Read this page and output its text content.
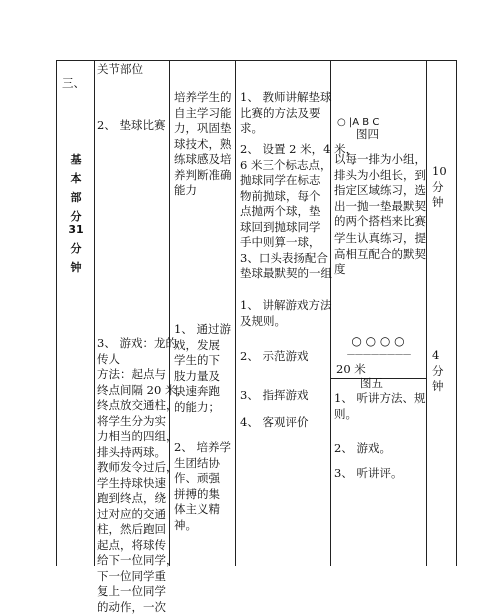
三、
基
本
部
分
31
分
钟
关节部位
2、 垫球比赛
3、 游戏：龙的
传人
方法：起点与
终点间隔 20 米，
终点放交通柱，
将学生分为实
力相当的四组，
排头持两球。
教师发令过后，
学生持球快速
跑到终点，绕
过对应的交通
柱，然后跑回
起点，将球传
给下一位同学，
下一位同学重
复上一位同学
的动作，一次
培养学生的
自主学习能
力，巩固垫
球技术，熟
练球感及培
养判断准确
能力
1、 通过游
戏，发展
学生的下
肢力量及
快速奔跑
的能力；
2、 培养学
生团结协
作、顽强
拼搏的集
体主义精
神。
1、 教师讲解垫球
比赛的方法及要
求。
2、 设置 2 米，4 米，
6 米三个标志点，
抛球同学在标志
物前抛球，每个
点抛两个球，垫
球回到抛球同学
手中则算一球，
3、口头表扬配合
垫球最默契的一组
1、 讲解游戏方法
及规则。
2、 示范游戏
3、 指挥游戏
4、 客观评价
○ |A B C
图四
以每一排为小组，
排头为小组长，到
指定区域练习，选
出一抛一垫最默契
的两个搭档来比赛
学生认真练习，提
高相互配合的默契
度
○ ○ ○ ○
－－－－－－－－
20 米
图五
1、 听讲方法、规
则。
2、 游戏。
3、 听讲评。
10
分
钟
4
分
钟
